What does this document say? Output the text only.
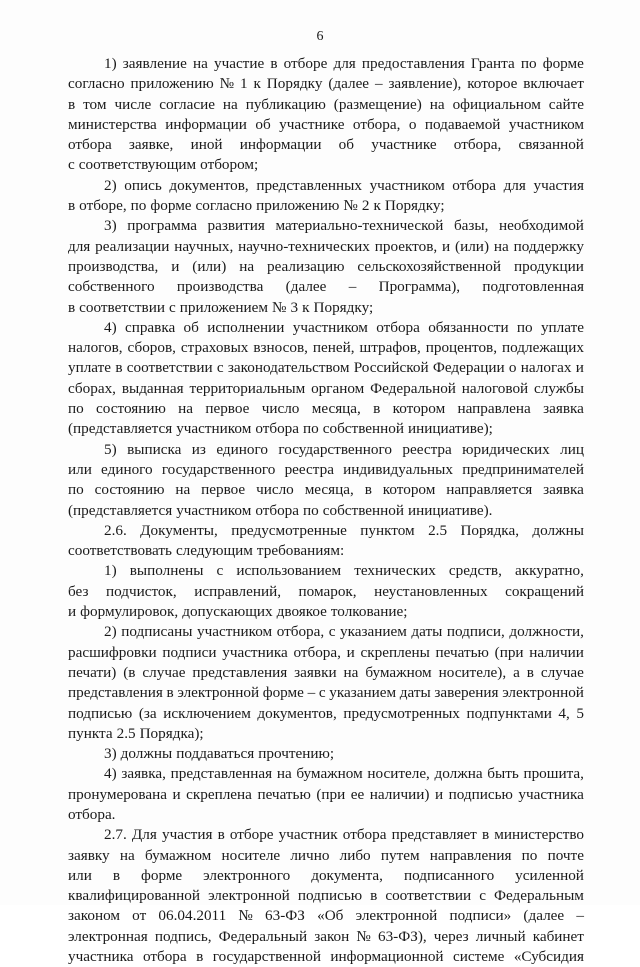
6
1) заявление на участие в отборе для предоставления Гранта по форме
согласно приложению № 1 к Порядку (далее – заявление), которое включает
в том числе согласие на публикацию (размещение) на официальном сайте
министерства информации об участнике отбора, о подаваемой участником
отбора заявке, иной информации об участнике отбора, связанной
с соответствующим отбором;
2) опись документов, представленных участником отбора для участия
в отборе, по форме согласно приложению № 2 к Порядку;
3) программа развития материально-технической базы, необходимой
для реализации научных, научно-технических проектов, и (или) на поддержку
производства, и (или) на реализацию сельскохозяйственной продукции
собственного производства (далее – Программа), подготовленная
в соответствии с приложением № 3 к Порядку;
4) справка об исполнении участником отбора обязанности по уплате
налогов, сборов, страховых взносов, пеней, штрафов, процентов, подлежащих
уплате в соответствии с законодательством Российской Федерации о налогах и
сборах, выданная территориальным органом Федеральной налоговой службы
по состоянию на первое число месяца, в котором направлена заявка
(представляется участником отбора по собственной инициативе);
5) выписка из единого государственного реестра юридических лиц
или единого государственного реестра индивидуальных предпринимателей
по состоянию на первое число месяца, в котором направляется заявка
(представляется участником отбора по собственной инициативе).
2.6. Документы, предусмотренные пунктом 2.5 Порядка, должны
соответствовать следующим требованиям:
1) выполнены с использованием технических средств, аккуратно,
без подчисток, исправлений, помарок, неустановленных сокращений
и формулировок, допускающих двоякое толкование;
2) подписаны участником отбора, с указанием даты подписи, должности,
расшифровки подписи участника отбора, и скреплены печатью (при наличии
печати) (в случае представления заявки на бумажном носителе), а в случае
представления в электронной форме – с указанием даты заверения электронной
подписью (за исключением документов, предусмотренных подпунктами 4, 5
пункта 2.5 Порядка);
3) должны поддаваться прочтению;
4) заявка, представленная на бумажном носителе, должна быть прошита,
пронумерована и скреплена печатью (при ее наличии) и подписью участника
отбора.
2.7. Для участия в отборе участник отбора представляет в министерство
заявку на бумажном носителе лично либо путем направления по почте
или в форме электронного документа, подписанного усиленной
квалифицированной электронной подписью в соответствии с Федеральным
законом от 06.04.2011 № 63-ФЗ «Об электронной подписи» (далее –
электронная подпись, Федеральный закон № 63-ФЗ), через личный кабинет
участника отбора в государственной информационной системе «Субсидия
